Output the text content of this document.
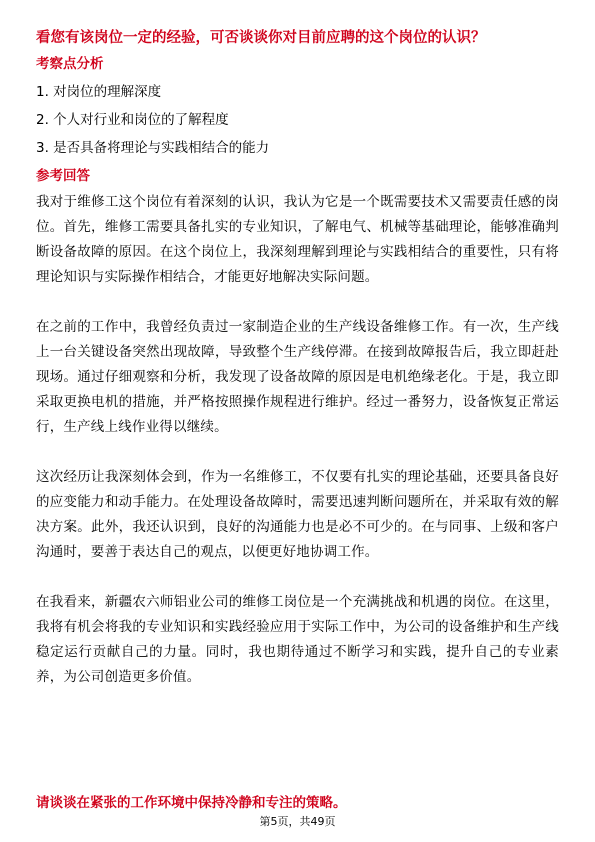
看您有该岗位一定的经验，可否谈谈你对目前应聘的这个岗位的认识？

考察点分析

1. 对岗位的理解深度
2. 个人对行业和岗位的了解程度
3. 是否具备将理论与实践相结合的能力

参考回答

我对于维修工这个岗位有着深刻的认识，我认为它是一个既需要技术又需要责任感的岗位。首先，维修工需要具备扎实的专业知识，了解电气、机械等基础理论，能够准确判断设备故障的原因。在这个岗位上，我深刻理解到理论与实践相结合的重要性，只有将理论知识与实际操作相结合，才能更好地解决实际问题。

在之前的工作中，我曾经负责过一家制造企业的生产线设备维修工作。有一次，生产线上一台关键设备突然出现故障，导致整个生产线停滞。在接到故障报告后，我立即赶赴现场。通过仔细观察和分析，我发现了设备故障的原因是电机绝缘老化。于是，我立即采取更换电机的措施，并严格按照操作规程进行维护。经过一番努力，设备恢复正常运行，生产线上线作业得以继续。

这次经历让我深刻体会到，作为一名维修工，不仅要有扎实的理论基础，还要具备良好的应变能力和动手能力。在处理设备故障时，需要迅速判断问题所在，并采取有效的解决方案。此外，我还认识到，良好的沟通能力也是必不可少的。在与同事、上级和客户沟通时，要善于表达自己的观点，以便更好地协调工作。

在我看来，新疆农六师铝业公司的维修工岗位是一个充满挑战和机遇的岗位。在这里，我将有机会将我的专业知识和实践经验应用于实际工作中，为公司的设备维护和生产线稳定运行贡献自己的力量。同时，我也期待通过不断学习和实践，提升自己的专业素养，为公司创造更多价值。

请谈谈在紧张的工作环境中保持冷静和专注的策略。

第5页，共49页
